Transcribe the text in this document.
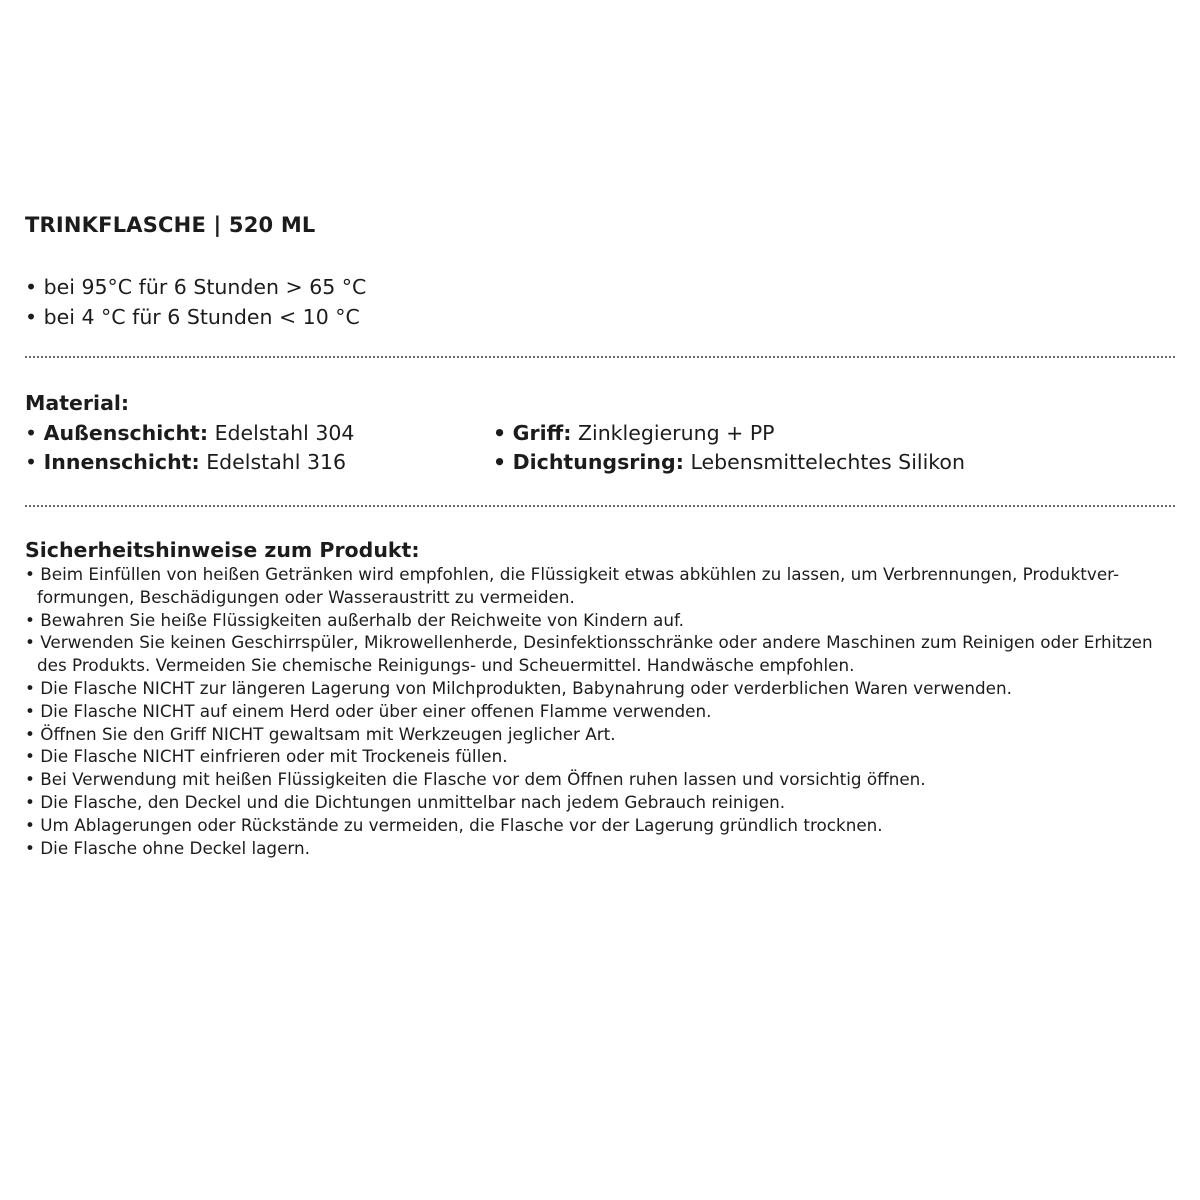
TRINKFLASCHE | 520 ML
• bei 95°C für 6 Stunden > 65 °C
• bei 4 °C für 6 Stunden < 10 °C
Material:
• Außenschicht: Edelstahl 304
• Innenschicht: Edelstahl 316
• Griff: Zinklegierung + PP
• Dichtungsring: Lebensmittelechtes Silikon
Sicherheitshinweise zum Produkt:
• Beim Einfüllen von heißen Getränken wird empfohlen, die Flüssigkeit etwas abkühlen zu lassen, um Verbrennungen, Produktver-
formungen, Beschädigungen oder Wasseraustritt zu vermeiden.
• Bewahren Sie heiße Flüssigkeiten außerhalb der Reichweite von Kindern auf.
• Verwenden Sie keinen Geschirrspüler, Mikrowellenherde, Desinfektionsschränke oder andere Maschinen zum Reinigen oder Erhitzen
des Produkts. Vermeiden Sie chemische Reinigungs- und Scheuermittel. Handwäsche empfohlen.
• Die Flasche NICHT zur längeren Lagerung von Milchprodukten, Babynahrung oder verderblichen Waren verwenden.
• Die Flasche NICHT auf einem Herd oder über einer offenen Flamme verwenden.
• Öffnen Sie den Griff NICHT gewaltsam mit Werkzeugen jeglicher Art.
• Die Flasche NICHT einfrieren oder mit Trockeneis füllen.
• Bei Verwendung mit heißen Flüssigkeiten die Flasche vor dem Öffnen ruhen lassen und vorsichtig öffnen.
• Die Flasche, den Deckel und die Dichtungen unmittelbar nach jedem Gebrauch reinigen.
• Um Ablagerungen oder Rückstände zu vermeiden, die Flasche vor der Lagerung gründlich trocknen.
• Die Flasche ohne Deckel lagern.
